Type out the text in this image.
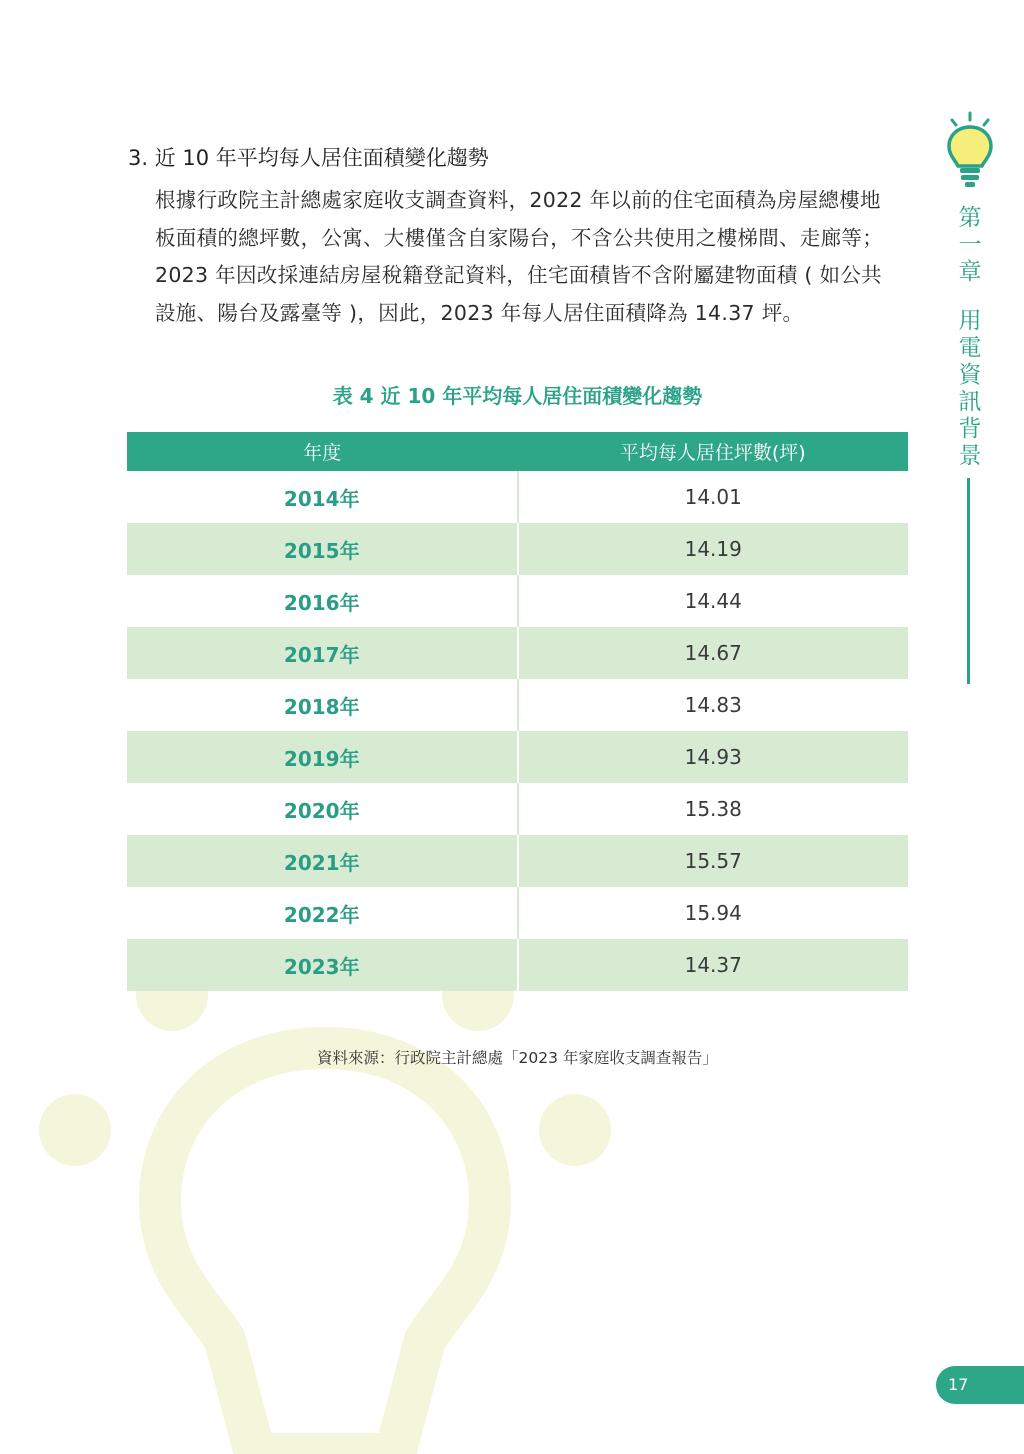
3. 近 10 年平均每人居住面積變化趨勢
根據行政院主計總處家庭收支調查資料，2022 年以前的住宅面積為房屋總樓地
板面積的總坪數，公寓、大樓僅含自家陽台，不含公共使用之樓梯間、走廊等；
2023 年因改採連結房屋稅籍登記資料，住宅面積皆不含附屬建物面積 ( 如公共
設施、陽台及露臺等 )，因此，2023 年每人居住面積降為 14.37 坪。
表 4 近 10 年平均每人居住面積變化趨勢
年度	平均每人居住坪數(坪)
2014年	14.01
2015年	14.19
2016年	14.44
2017年	14.67
2018年	14.83
2019年	14.93
2020年	15.38
2021年	15.57
2022年	15.94
2023年	14.37
資料來源：行政院主計總處「2023 年家庭收支調查報告」
第
一
章
用
電
資
訊
背
景
17
